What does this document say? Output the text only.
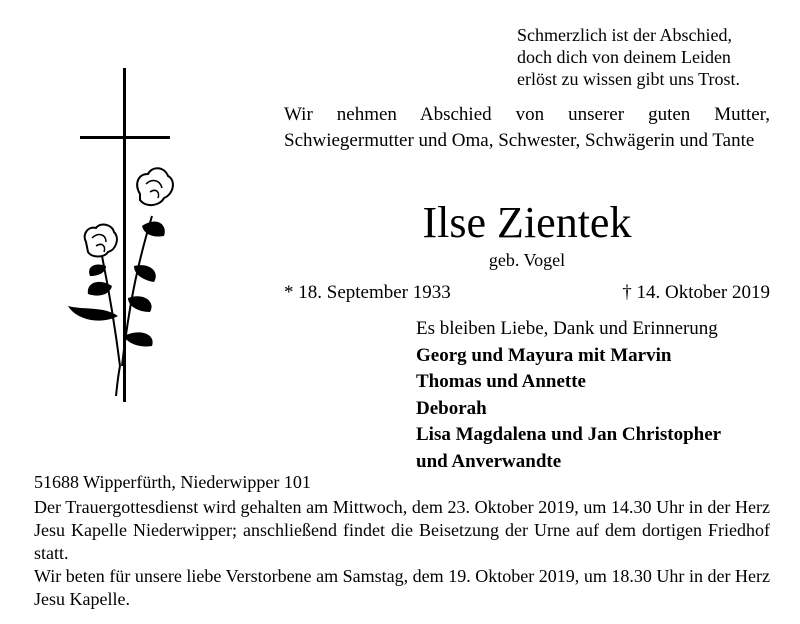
Schmerzlich ist der Abschied,
doch dich von deinem Leiden
erlöst zu wissen gibt uns Trost.
Wir nehmen Abschied von unserer guten Mutter, Schwiegermutter und Oma, Schwester, Schwägerin und Tante
Ilse Zientek
geb. Vogel
* 18. September 1933	† 14. Oktober 2019
Es bleiben Liebe, Dank und Erinnerung
Georg und Mayura mit Marvin
Thomas und Annette
Deborah
Lisa Magdalena und Jan Christopher
und Anverwandte
51688 Wipperfürth, Niederwipper 101

Der Trauergottesdienst wird gehalten am Mittwoch, dem 23. Oktober 2019, um 14.30 Uhr in der Herz Jesu Kapelle Niederwipper; anschließend findet die Beisetzung der Urne auf dem dortigen Friedhof statt.

Wir beten für unsere liebe Verstorbene am Samstag, dem 19. Oktober 2019, um 18.30 Uhr in der Herz Jesu Kapelle.
